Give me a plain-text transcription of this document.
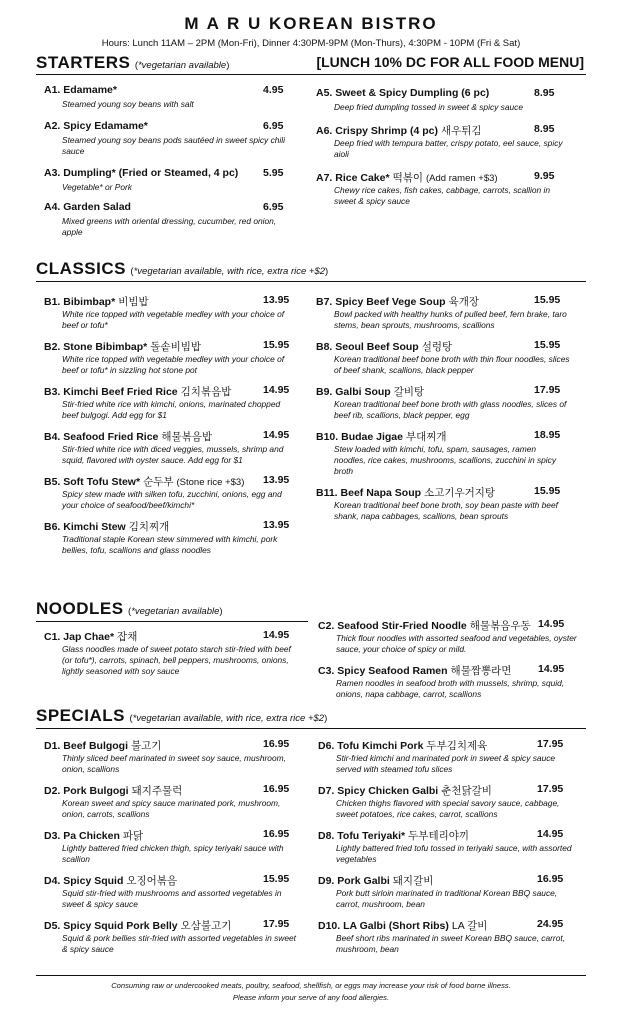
M A R U KOREAN BISTRO
Hours: Lunch 11AM – 2PM (Mon-Fri), Dinner 4:30PM-9PM (Mon-Thurs), 4:30PM - 10PM (Fri & Sat)
STARTERS (*vegetarian available)	[LUNCH 10% DC FOR ALL FOOD MENU]
A1. Edamame*	4.95
Steamed young soy beans with salt
A2. Spicy Edamame*	6.95
Steamed young soy beans pods sautéed in sweet spicy chili sauce
A3. Dumpling* (Fried or Steamed, 4 pc) 5.95
Vegetable* or Pork
A4. Garden Salad	6.95
Mixed greens with oriental dressing, cucumber, red onion, apple
A5. Sweet & Spicy Dumpling (6 pc)	8.95
Deep fried dumpling tossed in sweet & spicy sauce
A6. Crispy Shrimp (4 pc) 새우튀김	8.95
Deep fried with tempura batter, crispy potato, eel sauce, spicy aioli
A7. Rice Cake* 떡볶이 (Add ramen +$3)	9.95
Chewy rice cakes, fish cakes, cabbage, carrots, scallion in sweet & spicy sauce
CLASSICS (*vegetarian available, with rice, extra rice +$2)
B1. Bibimbap* 비빔밥	13.95
White rice topped with vegetable medley with your choice of beef or tofu*
B2. Stone Bibimbap* 돌솥비빔밥	15.95
White rice topped with vegetable medley with your choice of beef or tofu* in sizzling hot stone pot
B3. Kimchi Beef Fried Rice 김치볶음밥	14.95
Stir-fried white rice with kimchi, onions, marinated chopped beef bulgogi. Add egg for $1
B4. Seafood Fried Rice 해물볶음밥	14.95
Stir-fried white rice with diced veggies, mussels, shrimp and squid, flavored with oyster sauce. Add egg for $1
B5. Soft Tofu Stew* 순두부 (Stone rice +$3) 13.95
Spicy stew made with silken tofu, zucchini, onions, egg and your choice of seafood/beef/kimchi*
B6. Kimchi Stew 김치찌개	13.95
Traditional staple Korean stew simmered with kimchi, pork bellies, tofu, scallions and glass noodles
B7. Spicy Beef Vege Soup 육개장	15.95
Bowl packed with healthy hunks of pulled beef, fern brake, taro stems, bean sprouts, mushrooms, scallions
B8. Seoul Beef Soup 설렁탕	15.95
Korean traditional beef bone broth with thin flour noodles, slices of beef shank, scallions, black pepper
B9. Galbi Soup 갈비탕	17.95
Korean traditional beef bone broth with glass noodles, slices of beef rib, scallions, black pepper, egg
B10. Budae Jigae 부대찌개	18.95
Stew loaded with kimchi, tofu, spam, sausages, ramen noodles, rice cakes, mushrooms, scallions, zucchini in spicy broth
B11. Beef Napa Soup 소고기우거지탕	15.95
Korean traditional beef bone broth, soy bean paste with beef shank, napa cabbages, scallions, bean sprouts
NOODLES (*vegetarian available)
C1. Jap Chae* 잡채	14.95
Glass noodles made of sweet potato starch stir-fried with beef (or tofu*), carrots, spinach, bell peppers, mushrooms, onions, lightly seasoned with soy sauce
C2. Seafood Stir-Fried Noodle 해물볶음우동 14.95
Thick flour noodles with assorted seafood and vegetables, oyster sauce, your choice of spicy or mild.
C3. Spicy Seafood Ramen 해물짬뽕라면	14.95
Ramen noodles in seafood broth with mussels, shrimp, squid, onions, napa cabbage, carrot, scallions
SPECIALS (*vegetarian available, with rice, extra rice +$2)
D1. Beef Bulgogi 불고기	16.95
Thinly sliced beef marinated in sweet soy sauce, mushroom, onion, scallions
D2. Pork Bulgogi 돼지주물럭	16.95
Korean sweet and spicy sauce marinated pork, mushroom, onion, carrots, scallions
D3. Pa Chicken 파닭	16.95
Lightly battered fried chicken thigh, spicy teriyaki sauce with scallion
D4. Spicy Squid 오징어볶음	15.95
Squid stir-fried with mushrooms and assorted vegetables in sweet & spicy sauce
D5. Spicy Squid Pork Belly 오삼불고기	17.95
Squid & pork bellies stir-fried with assorted vegetables in sweet & spicy sauce
D6. Tofu Kimchi Pork 두부김치제육	17.95
Stir-fried kimchi and marinated pork in sweet & spicy sauce served with steamed tofu slices
D7. Spicy Chicken Galbi 춘천닭갈비	17.95
Chicken thighs flavored with special savory sauce, cabbage, sweet potatoes, rice cakes, carrot, scallions
D8. Tofu Teriyaki* 두부테리야끼	14.95
Lightly battered fried tofu tossed in teriyaki sauce, with assorted vegetables
D9. Pork Galbi 돼지갈비	16.95
Pork butt sirloin marinated in traditional Korean BBQ sauce, carrot, mushroom, bean
D10. LA Galbi (Short Ribs) LA 갈비	24.95
Beef short ribs marinated in sweet Korean BBQ sauce, carrot, mushroom, bean
Consuming raw or undercooked meats, poultry, seafood, shellfish, or eggs may increase your risk of food borne illness.
Please inform your serve of any food allergies.
